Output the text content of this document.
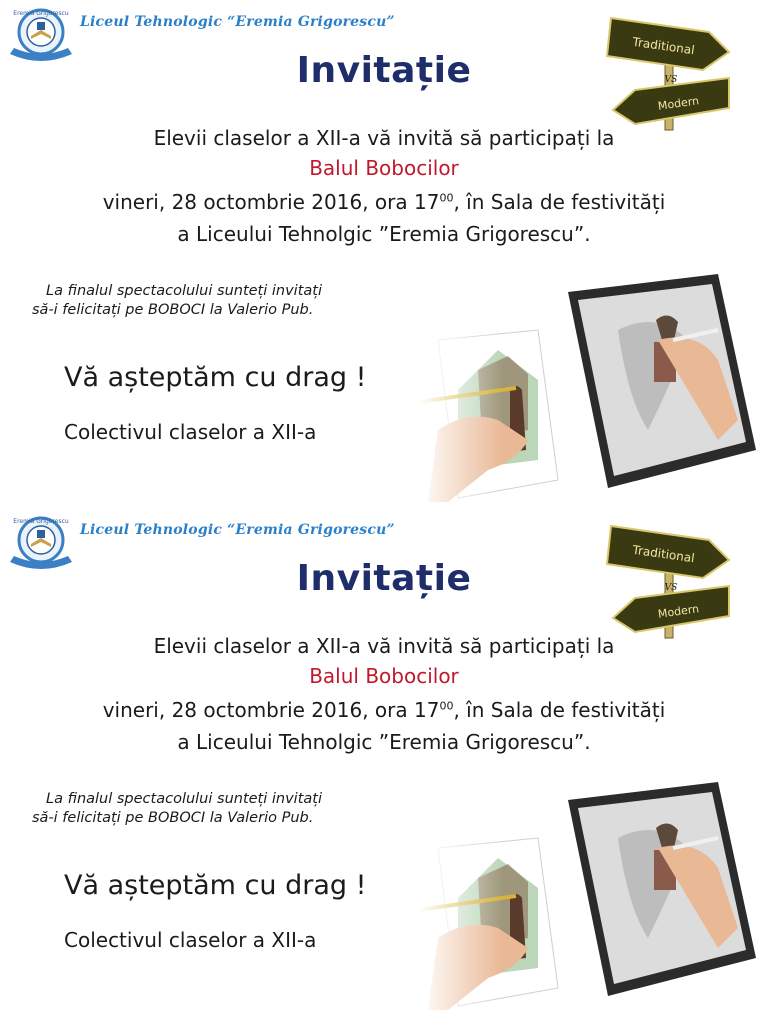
Eremia Grigorescu
Liceul Tehnologic “Eremia Grigorescu”
Traditional
VS
Modern
Invitație
Elevii claselor a XII-a vă invită să participați la
Balul Bobocilor
vineri, 28 octombrie 2016, ora $17^{00}$, în Sala de festivități
a Liceului Tehnolgic ”Eremia Grigorescu”.
La finalul spectacolului sunteți invitați
să-i felicitați pe BOBOCI la Valerio Pub.
Vă așteptăm cu drag !
Colectivul claselor a XII-a
Eremia Grigorescu
Liceul Tehnologic “Eremia Grigorescu”
Traditional
VS
Modern
Invitație
Elevii claselor a XII-a vă invită să participați la
Balul Bobocilor
vineri, 28 octombrie 2016, ora $17^{00}$, în Sala de festivități
a Liceului Tehnolgic ”Eremia Grigorescu”.
La finalul spectacolului sunteți invitați
să-i felicitați pe BOBOCI la Valerio Pub.
Vă așteptăm cu drag !
Colectivul claselor a XII-a
